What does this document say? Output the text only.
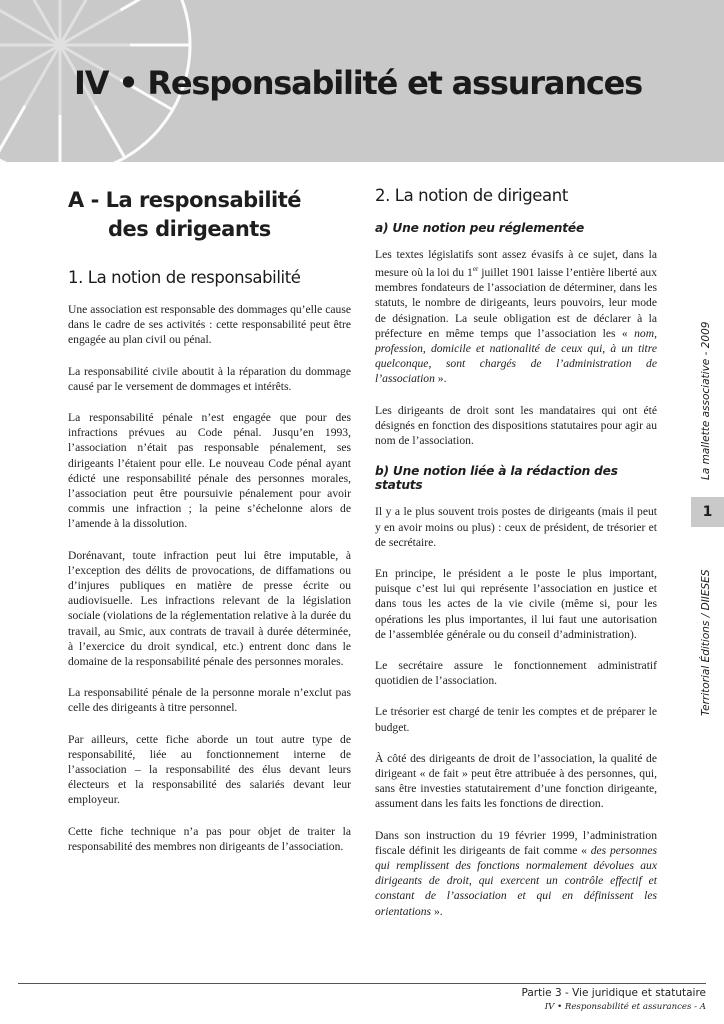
IV • Responsabilité et assurances
A - La responsabilité
des dirigeants
1. La notion de responsabilité

Une association est responsable des dommages qu’elle cause dans le cadre de ses activités : cette responsabilité peut être engagée au plan civil ou pénal.

La responsabilité civile aboutit à la réparation du dommage causé par le versement de dommages et intérêts.

La responsabilité pénale n’est engagée que pour des infractions prévues au Code pénal. Jusqu’en 1993, l’association n’était pas responsable pénalement, ses dirigeants l’étaient pour elle. Le nouveau Code pénal ayant édicté une responsabilité pénale des personnes morales, l’association peut être poursuivie pénalement pour avoir commis une infraction ; la peine s’échelonne alors de l’amende à la dissolution.

Dorénavant, toute infraction peut lui être imputable, à l’exception des délits de provocations, de diffamations ou d’injures publiques en matière de presse écrite ou audiovisuelle. Les infractions relevant de la législation sociale (violations de la réglementation relative à la durée du travail, au Smic, aux contrats de travail à durée déterminée, à l’exercice du droit syndical, etc.) entrent donc dans le domaine de la responsabilité pénale des personnes morales.

La responsabilité pénale de la personne morale n’exclut pas celle des dirigeants à titre personnel.

Par ailleurs, cette fiche aborde un tout autre type de responsabilité, liée au fonctionnement interne de l’association – la responsabilité des élus devant leurs électeurs et la responsabilité des salariés devant leur employeur.

Cette fiche technique n’a pas pour objet de traiter la responsabilité des membres non dirigeants de l’association.

2. La notion de dirigeant
a) Une notion peu réglementée

Les textes législatifs sont assez évasifs à ce sujet, dans la mesure où la loi du 1er juillet 1901 laisse l’entière liberté aux membres fondateurs de l’association de déterminer, dans les statuts, le nombre de dirigeants, leurs pouvoirs, leur mode de désignation. La seule obligation est de déclarer à la préfecture en même temps que l’association les « nom, profession, domicile et nationalité de ceux qui, à un titre quelconque, sont chargés de l’administration de l’association ».

Les dirigeants de droit sont les mandataires qui ont été désignés en fonction des dispositions statutaires pour agir au nom de l’association.

b) Une notion liée à la rédaction des statuts

Il y a le plus souvent trois postes de dirigeants (mais il peut y en avoir moins ou plus) : ceux de président, de trésorier et de secrétaire.

En principe, le président a le poste le plus important, puisque c’est lui qui représente l’association en justice et dans tous les actes de la vie civile (même si, pour les opérations les plus importantes, il lui faut une autorisation de l’assemblée générale ou du conseil d’administration).

Le secrétaire assure le fonctionnement administratif quotidien de l’association.

Le trésorier est chargé de tenir les comptes et de préparer le budget.

À côté des dirigeants de droit de l’association, la qualité de dirigeant « de fait » peut être attribuée à des personnes, qui, sans être investies statutairement d’une fonction dirigeante, assument dans les faits les fonctions de direction.

Dans son instruction du 19 février 1999, l’administration fiscale définit les dirigeants de fait comme « des personnes qui remplissent des fonctions normalement dévolues aux dirigeants de droit, qui exercent un contrôle effectif et constant de l’association et qui en définissent les orientations ».

La mallette associative - 2009
1
Territorial Éditions / DIIESES
Partie 3 - Vie juridique et statutaire
IV • Responsabilité et assurances - A
